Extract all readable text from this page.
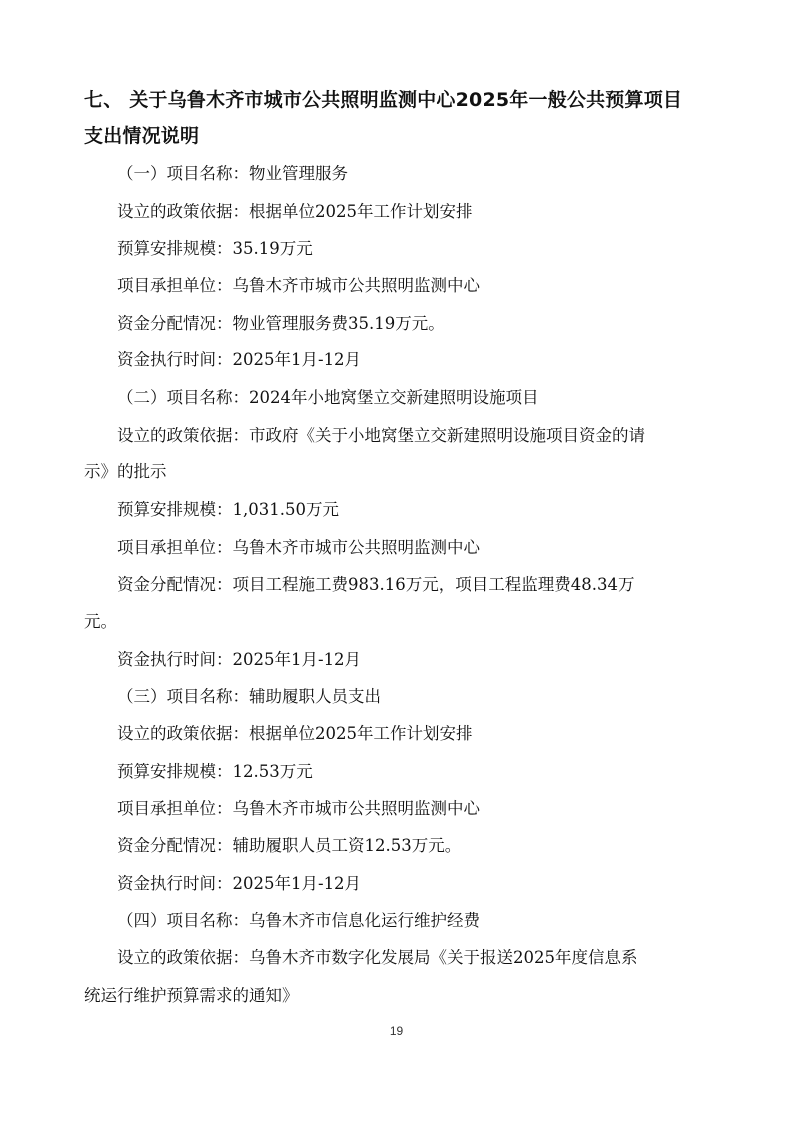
七、 关于乌鲁木齐市城市公共照明监测中心2025年一般公共预算项目
支出情况说明
（一）项目名称：物业管理服务
设立的政策依据：根据单位2025年工作计划安排
预算安排规模：35.19万元
项目承担单位：乌鲁木齐市城市公共照明监测中心
资金分配情况：物业管理服务费35.19万元。
资金执行时间：2025年1月-12月
（二）项目名称：2024年小地窝堡立交新建照明设施项目
设立的政策依据：市政府《关于小地窝堡立交新建照明设施项目资金的请
示》的批示
预算安排规模：1,031.50万元
项目承担单位：乌鲁木齐市城市公共照明监测中心
资金分配情况：项目工程施工费983.16万元，项目工程监理费48.34万
元。
资金执行时间：2025年1月-12月
（三）项目名称：辅助履职人员支出
设立的政策依据：根据单位2025年工作计划安排
预算安排规模：12.53万元
项目承担单位：乌鲁木齐市城市公共照明监测中心
资金分配情况：辅助履职人员工资12.53万元。
资金执行时间：2025年1月-12月
（四）项目名称：乌鲁木齐市信息化运行维护经费
设立的政策依据：乌鲁木齐市数字化发展局《关于报送2025年度信息系
统运行维护预算需求的通知》
19
